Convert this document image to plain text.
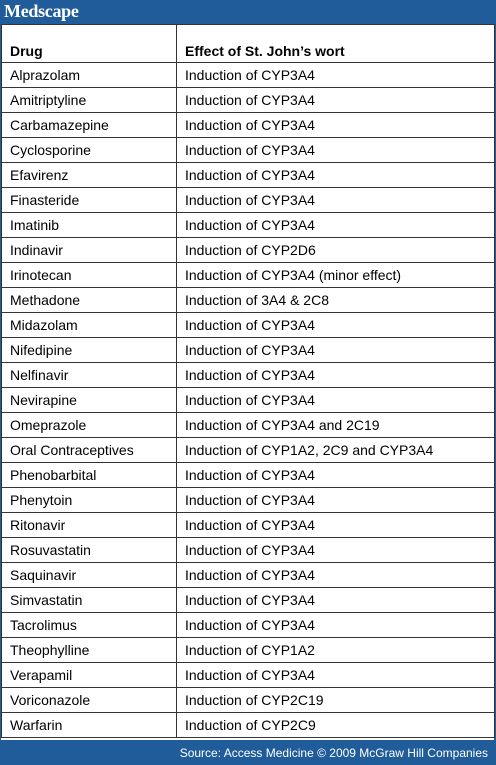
Medscape
Drug	Effect of St. John’s wort
Alprazolam	Induction of CYP3A4
Amitriptyline	Induction of CYP3A4
Carbamazepine	Induction of CYP3A4
Cyclosporine	Induction of CYP3A4
Efavirenz	Induction of CYP3A4
Finasteride	Induction of CYP3A4
Imatinib	Induction of CYP3A4
Indinavir	Induction of CYP2D6
Irinotecan	Induction of CYP3A4 (minor effect)
Methadone	Induction of 3A4 & 2C8
Midazolam	Induction of CYP3A4
Nifedipine	Induction of CYP3A4
Nelfinavir	Induction of CYP3A4
Nevirapine	Induction of CYP3A4
Omeprazole	Induction of CYP3A4 and 2C19
Oral Contraceptives	Induction of CYP1A2, 2C9 and CYP3A4
Phenobarbital	Induction of CYP3A4
Phenytoin	Induction of CYP3A4
Ritonavir	Induction of CYP3A4
Rosuvastatin	Induction of CYP3A4
Saquinavir	Induction of CYP3A4
Simvastatin	Induction of CYP3A4
Tacrolimus	Induction of CYP3A4
Theophylline	Induction of CYP1A2
Verapamil	Induction of CYP3A4
Voriconazole	Induction of CYP2C19
Warfarin	Induction of CYP2C9
Source: Access Medicine © 2009 McGraw Hill Companies
